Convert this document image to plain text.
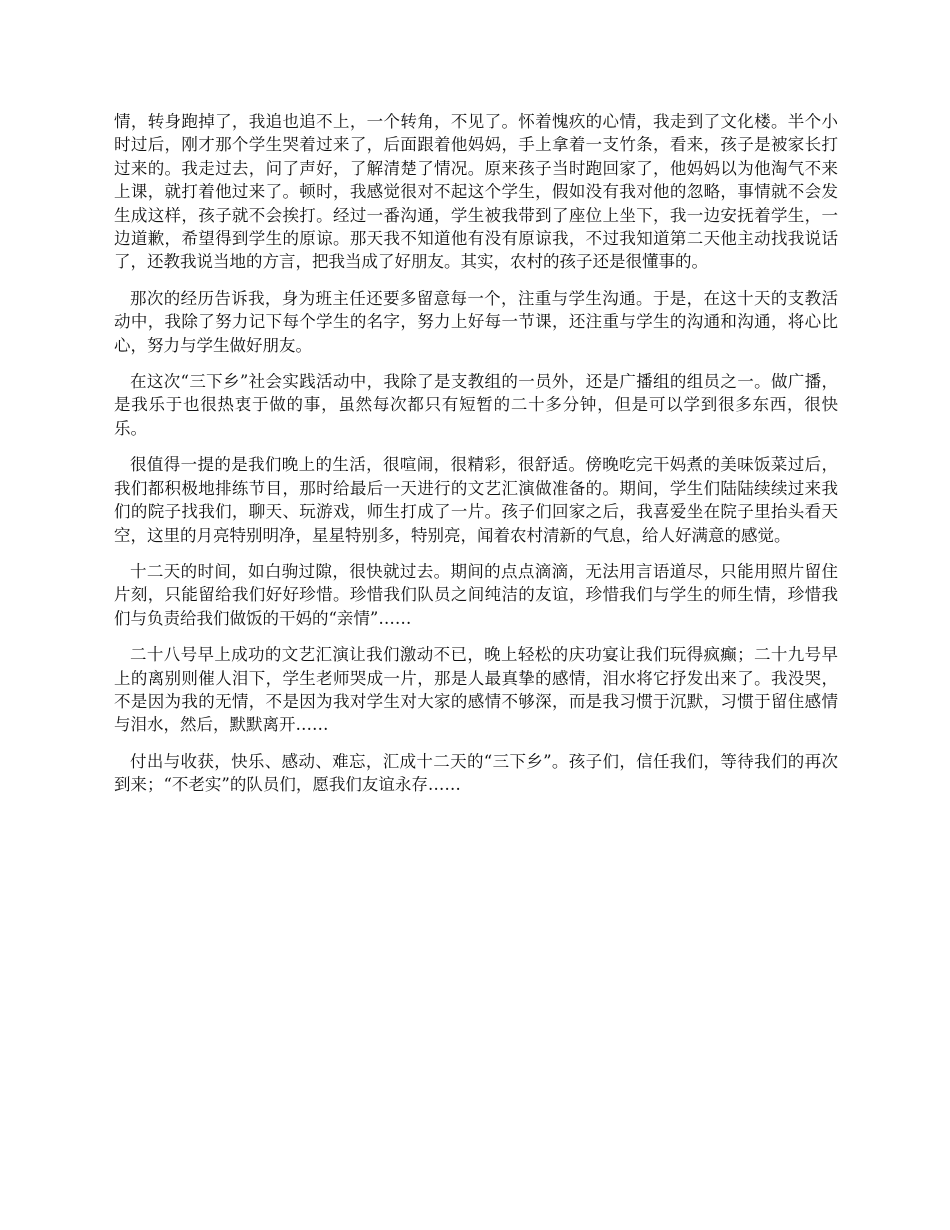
情，转身跑掉了，我追也追不上，一个转角，不见了。怀着愧疚的心情，我走到了文化楼。半个小时过后，刚才那个学生哭着过来了，后面跟着他妈妈，手上拿着一支竹条，看来，孩子是被家长打过来的。我走过去，问了声好，了解清楚了情况。原来孩子当时跑回家了，他妈妈以为他淘气不来上课，就打着他过来了。顿时，我感觉很对不起这个学生，假如没有我对他的忽略，事情就不会发生成这样，孩子就不会挨打。经过一番沟通，学生被我带到了座位上坐下，我一边安抚着学生，一边道歉，希望得到学生的原谅。那天我不知道他有没有原谅我，不过我知道第二天他主动找我说话了，还教我说当地的方言，把我当成了好朋友。其实，农村的孩子还是很懂事的。

那次的经历告诉我，身为班主任还要多留意每一个，注重与学生沟通。于是，在这十天的支教活动中，我除了努力记下每个学生的名字，努力上好每一节课，还注重与学生的沟通和沟通，将心比心，努力与学生做好朋友。

在这次“三下乡”社会实践活动中，我除了是支教组的一员外，还是广播组的组员之一。做广播，是我乐于也很热衷于做的事，虽然每次都只有短暂的二十多分钟，但是可以学到很多东西，很快乐。

很值得一提的是我们晚上的生活，很喧闹，很精彩，很舒适。傍晚吃完干妈煮的美味饭菜过后，我们都积极地排练节目，那时给最后一天进行的文艺汇演做准备的。期间，学生们陆陆续续过来我们的院子找我们，聊天、玩游戏，师生打成了一片。孩子们回家之后，我喜爱坐在院子里抬头看天空，这里的月亮特别明净，星星特别多，特别亮，闻着农村清新的气息，给人好满意的感觉。

十二天的时间，如白驹过隙，很快就过去。期间的点点滴滴，无法用言语道尽，只能用照片留住片刻，只能留给我们好好珍惜。珍惜我们队员之间纯洁的友谊，珍惜我们与学生的师生情，珍惜我们与负责给我们做饭的干妈的“亲情”……

二十八号早上成功的文艺汇演让我们激动不已，晚上轻松的庆功宴让我们玩得疯癫；二十九号早上的离别则催人泪下，学生老师哭成一片，那是人最真挚的感情，泪水将它抒发出来了。我没哭，不是因为我的无情，不是因为我对学生对大家的感情不够深，而是我习惯于沉默，习惯于留住感情与泪水，然后，默默离开……

付出与收获，快乐、感动、难忘，汇成十二天的“三下乡”。孩子们，信任我们，等待我们的再次到来；“不老实”的队员们，愿我们友谊永存……
